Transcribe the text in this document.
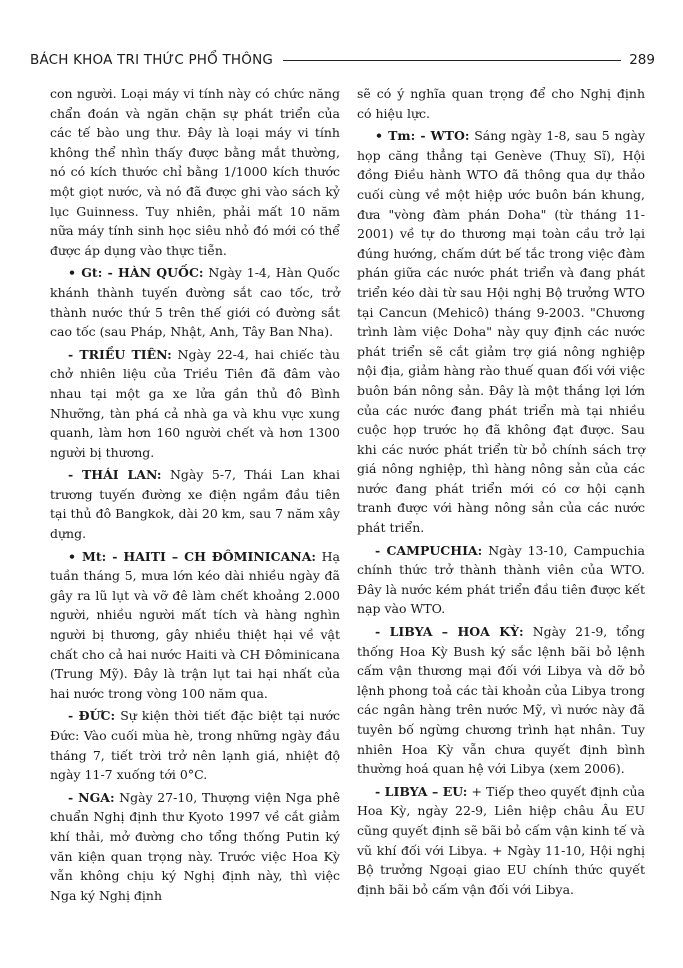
BÁCH KHOA TRI THỨC PHỔ THÔNG	289

con người. Loại máy vi tính này có chức năng chẩn đoán và ngăn chặn sự phát triển của các tế bào ung thư. Đây là loại máy vi tính không thể nhìn thấy được bằng mắt thường, nó có kích thước chỉ bằng 1/1000 kích thước một giọt nước, và nó đã được ghi vào sách kỷ lục Guinness. Tuy nhiên, phải mất 10 năm nữa máy tính sinh học siêu nhỏ đó mới có thể được áp dụng vào thực tiễn.

• Gt: - HÀN QUỐC: Ngày 1-4, Hàn Quốc khánh thành tuyến đường sắt cao tốc, trở thành nước thứ 5 trên thế giới có đường sắt cao tốc (sau Pháp, Nhật, Anh, Tây Ban Nha).

- TRIỀU TIÊN: Ngày 22-4, hai chiếc tàu chở nhiên liệu của Triều Tiên đã đâm vào nhau tại một ga xe lửa gần thủ đô Bình Nhưỡng, tàn phá cả nhà ga và khu vực xung quanh, làm hơn 160 người chết và hơn 1300 người bị thương.

- THÁI LAN: Ngày 5-7, Thái Lan khai trương tuyến đường xe điện ngầm đầu tiên tại thủ đô Bangkok, dài 20 km, sau 7 năm xây dựng.

• Mt: - HAITI – CH ĐÔMINICANA: Hạ tuần tháng 5, mưa lớn kéo dài nhiều ngày đã gây ra lũ lụt và vỡ đê làm chết khoảng 2.000 người, nhiều người mất tích và hàng nghìn người bị thương, gây nhiều thiệt hại về vật chất cho cả hai nước Haiti và CH Đôminicana (Trung Mỹ). Đây là trận lụt tai hại nhất của hai nước trong vòng 100 năm qua.

- ĐỨC: Sự kiện thời tiết đặc biệt tại nước Đức: Vào cuối mùa hè, trong những ngày đầu tháng 7, tiết trời trở nên lạnh giá, nhiệt độ ngày 11-7 xuống tới 0°C.

- NGA: Ngày 27-10, Thượng viện Nga phê chuẩn Nghị định thư Kyoto 1997 về cắt giảm khí thải, mở đường cho tổng thống Putin ký văn kiện quan trọng này. Trước việc Hoa Kỳ vẫn không chịu ký Nghị định này, thì việc Nga ký Nghị định

sẽ có ý nghĩa quan trọng để cho Nghị định có hiệu lực.

• Tm: - WTO: Sáng ngày 1-8, sau 5 ngày họp căng thẳng tại Genève (Thuỵ Sĩ), Hội đồng Điều hành WTO đã thông qua dự thảo cuối cùng về một hiệp ước buôn bán khung, đưa "vòng đàm phán Doha" (từ tháng 11-2001) về tự do thương mại toàn cầu trở lại đúng hướng, chấm dứt bế tắc trong việc đàm phán giữa các nước phát triển và đang phát triển kéo dài từ sau Hội nghị Bộ trưởng WTO tại Cancun (Mehicô) tháng 9-2003. "Chương trình làm việc Doha" này quy định các nước phát triển sẽ cắt giảm trợ giá nông nghiệp nội địa, giảm hàng rào thuế quan đối với việc buôn bán nông sản. Đây là một thắng lợi lớn của các nước đang phát triển mà tại nhiều cuộc họp trước họ đã không đạt được. Sau khi các nước phát triển từ bỏ chính sách trợ giá nông nghiệp, thì hàng nông sản của các nước đang phát triển mới có cơ hội cạnh tranh được với hàng nông sản của các nước phát triển.

- CAMPUCHIA: Ngày 13-10, Campuchia chính thức trở thành thành viên của WTO. Đây là nước kém phát triển đầu tiên được kết nạp vào WTO.

- LIBYA – HOA KỲ: Ngày 21-9, tổng thống Hoa Kỳ Bush ký sắc lệnh bãi bỏ lệnh cấm vận thương mại đối với Libya và dỡ bỏ lệnh phong toả các tài khoản của Libya trong các ngân hàng trên nước Mỹ, vì nước này đã tuyên bố ngừng chương trình hạt nhân. Tuy nhiên Hoa Kỳ vẫn chưa quyết định bình thường hoá quan hệ với Libya (xem 2006).

- LIBYA – EU: + Tiếp theo quyết định của Hoa Kỳ, ngày 22-9, Liên hiệp châu Âu EU cũng quyết định sẽ bãi bỏ cấm vận kinh tế và vũ khí đối với Libya. + Ngày 11-10, Hội nghị Bộ trưởng Ngoại giao EU chính thức quyết định bãi bỏ cấm vận đối với Libya.
